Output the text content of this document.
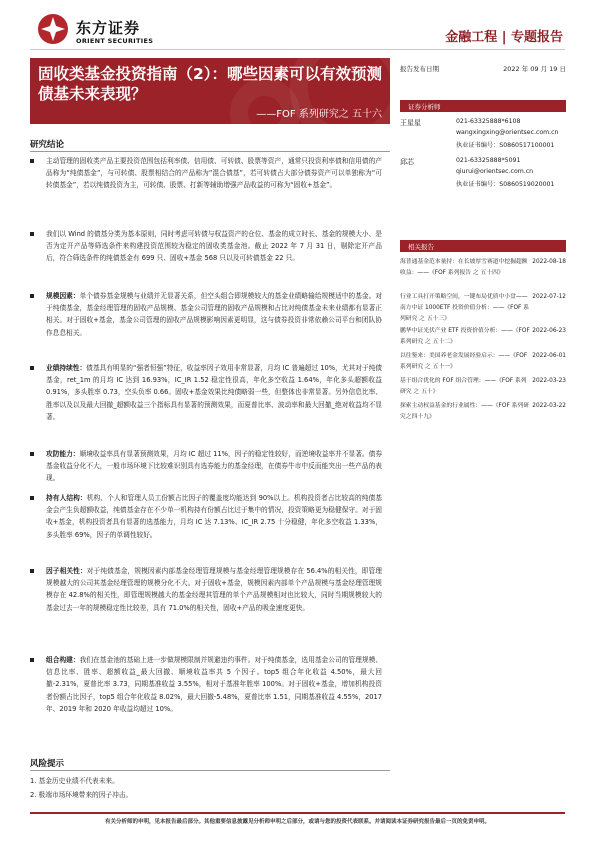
东方证券
ORIENT SECURITIES	金融工程 | 专题报告
固收类基金投资指南（2）：哪些因素可以有效预测债基未来表现？
——FOF 系列研究之 五十六
报告发布日期	2022 年 09 月 19 日
证券分析师
王星星	021-63325888*6108
wangxingxing@orientsec.com.cn
执业证书编号：S0860517100001
邱芯	021-63325888*5091
qiurui@orientsec.com.cn
执业证书编号：S0860519020001
相关报告
海普通基金范本量持：在长坡厚雪赛道中挖掘超额收益：——《FOF 系列报告 之 五十四》
2022-08-18
行业工具打开策略空间，一键布局优质中小盘——南方中证 1000ETF 投资价值分析：——《FOF 系列研究 之 五十三》
2022-07-12
鹏华中证光伏产业 ETF 投资价值分析：——《FOF 系列研究 之 五十二》
2022-06-23
以往鉴来：美国养老金发展经验启示：——《FOF 系列研究 之 五十一》
2022-06-01
基于组合优化的 FOF 组合管理：——《FOF 系列研究 之 五十》
2022-03-23
探索主动权益基金的行业属性：——《FOF 系列研究之四十九》
2022-03-22
研究结论
主动管理的固收类产品主要投资范围包括利率债、信用债、可转债、股票等资产，通常只投资利率债和信用债的产品称为“纯债基金”，与可转债、股票相结合的产品称为“混合债基”，若可转债占大部分债券资产可以单独称为“可转债基金”，若以纯债投资为主，可转债、股票、打新等辅助增强产品收益的可称为“固收+基金”。
我们以 Wind 的债基分类为基本原则，同时考虑可转债与权益资产的仓位、基金的成立时长、基金的规模大小、是否为定开产品等筛选条件来构建投资范围较为稳定的固收类基金池。截止 2022 年 7 月 31 日，剔除定开产品后，符合筛选条件的纯债基金有 699 只、固收+基金 568 只以及可转债基金 22 只。
规模因素：单个债券基金规模与业绩并无显著关系，但空头组合即规模较大的基金业绩略输给规模适中的基金。对于纯债基金，基金经理管理的固收产品规模、基金公司管理的固收产品规模和占比对纯债基金未来业绩都有显著正相关。对于固收+基金，基金公司管理的固收产品规模影响因素更明显，这与债券投资非常依赖公司平台和团队协作息息相关。
业绩持续性：债基具有明显的“强者恒强”特征，收益率因子效用非常显著，月均 IC 普遍超过 10%，尤其对于纯债基金，ret_1m 的月均 IC 达到 16.93%，IC_IR 1.52 稳定性很高，年化多空收益 1.64%，年化多头超额收益 0.91%，多头胜率 0.73，空头负率 0.66。固收+基金效果比纯债略弱一些，但整体也非常显著。另外信息比率、胜率以及以及最大回撤_超额收益三个指标具有显著的预测效果，而夏普比率、波动率和最大回撤_绝对收益均不显著。
攻防能力：顺境收益率具有显著预测效果，月均 IC 超过 11%，因子的稳定性较好，而逆境收益率并不显著。债券基金收益分化不大，一般市场环境下比较难识别具有选券能力的基金经理，在债券牛市中反而能突出一些产品的表现。
持有人结构：机构、个人和管理人员工份额占比因子的覆盖度均能达到 90%以上。机构投资者占比较高的纯债基金会产生负超额收益，纯债基金存在不少单一机构持有份额占比过于集中的情况，投资策略更为稳健保守。对于固收+基金，机构投资者具有显著的选基能力，月均 IC 达 7.13%、IC_IR 2.75 十分稳健，年化多空收益 1.33%，多头胜率 69%，因子的单调性较好。
因子相关性：对于纯债基金，规模因素内部基金经理管理规模与基金经理管理规模存在 56.4%的相关性，即管理规模越大的公司其基金经理管理的规模分化不大。对于固收+基金，规模因素内部单个产品规模与基金经理管理规模存在 42.8%的相关性，即管理规模越大的基金经理其管理的单个产品规模相对也比较大，同时当期规模较大的基金过去一年的规模稳定性比较差，具有 71.0%的相关性，固收+产品的吸金速度更快。
组合构建：我们在基金池的基础上进一步做规模限制并规避违约事件。对于纯债基金，选用基金公司的管理规模、信息比率、胜率、超额收益_最大回撤、顺境收益率共 5 个因子。top5 组合年化收益 4.50%，最大回撤-2.31%，夏普比率 3.73，同期基准收益 3.55%，相对于基准年胜率 100%。对于固收+基金，增加机构投资者份额占比因子，top5 组合年化收益 8.02%，最大回撤-5.48%，夏普比率 1.51，同期基准收益 4.55%，2017 年、2019 年和 2020 年收益均超过 10%。
风险提示
1. 基金历史业绩不代表未来。
2. 极端市场环境带来的因子冲击。
有关分析师的申明，见本报告最后部分。其他重要信息披露见分析师申明之后部分，或请与您的投资代表联系。并请阅读本证券研究报告最后一页的免责申明。
